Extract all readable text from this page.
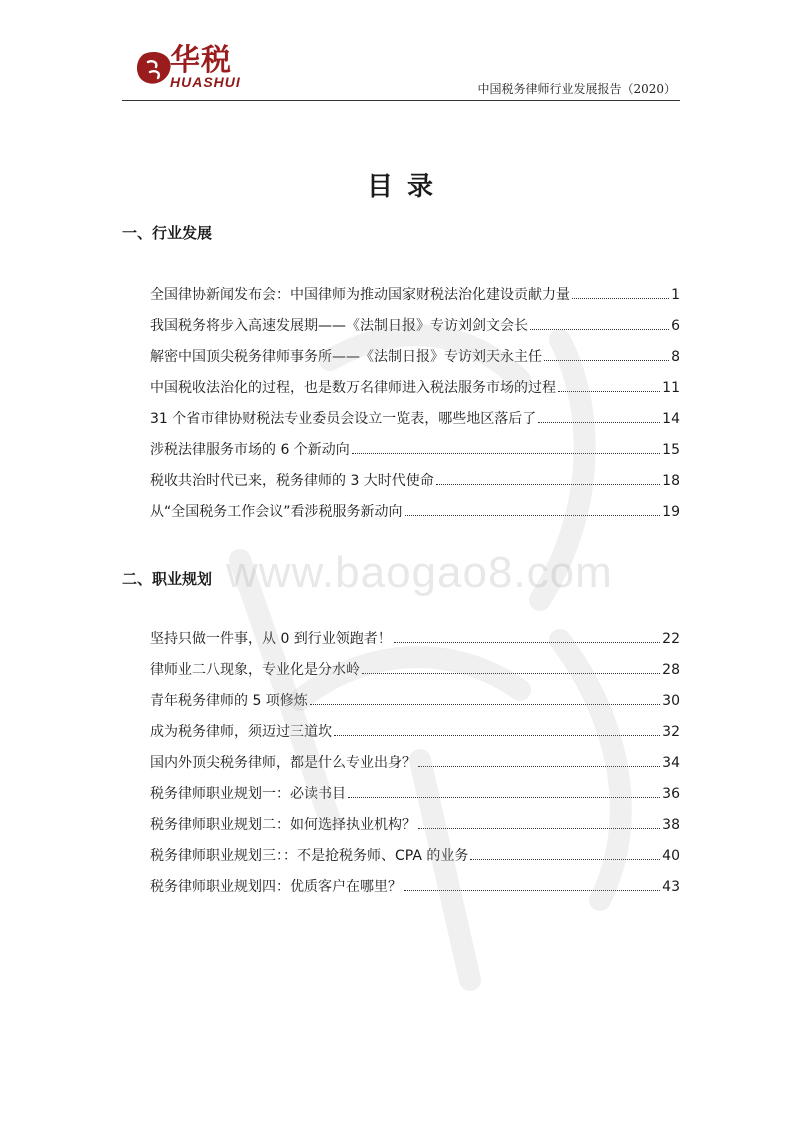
华税
HUASHUI	中国税务律师行业发展报告（2020）
目录
一、行业发展
全国律协新闻发布会：中国律师为推动国家财税法治化建设贡献力量	1
我国税务将步入高速发展期——《法制日报》专访刘剑文会长	6
解密中国顶尖税务律师事务所——《法制日报》专访刘天永主任	8
中国税收法治化的过程，也是数万名律师进入税法服务市场的过程	11
31 个省市律协财税法专业委员会设立一览表，哪些地区落后了	14
涉税法律服务市场的 6 个新动向	15
税收共治时代已来，税务律师的 3 大时代使命	18
从“全国税务工作会议”看涉税服务新动向	19
二、职业规划
坚持只做一件事，从 0 到行业领跑者！	22
律师业二八现象，专业化是分水岭	28
青年税务律师的 5 项修炼	30
成为税务律师，须迈过三道坎	32
国内外顶尖税务律师，都是什么专业出身？	34
税务律师职业规划一：必读书目	36
税务律师职业规划二：如何选择执业机构？	38
税务律师职业规划三：：不是抢税务师、CPA 的业务	40
税务律师职业规划四：优质客户在哪里？	43
www.baogao8.com
